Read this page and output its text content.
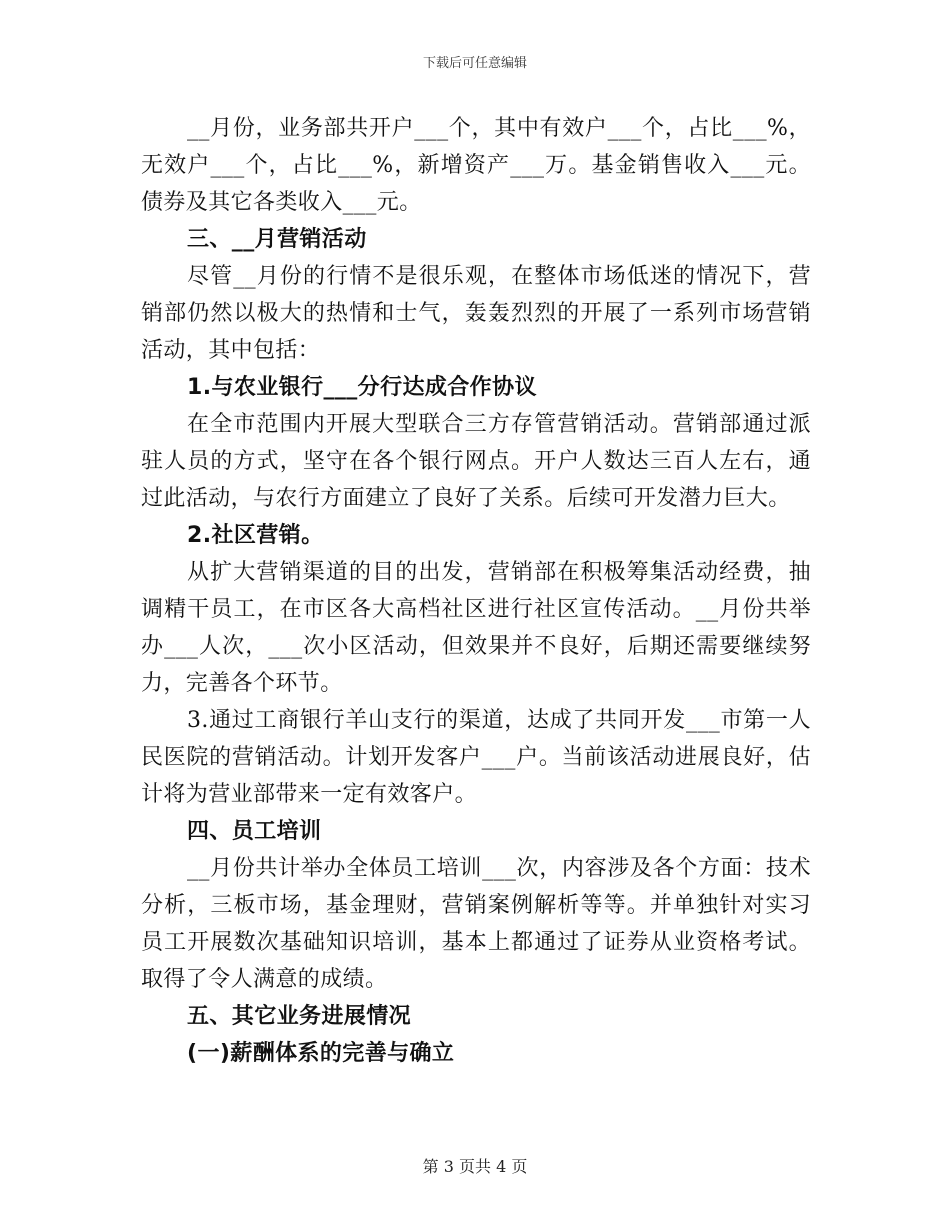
下载后可任意编辑

__月份，业务部共开户___个，其中有效户___个，占比___%，无效户___个，占比___%，新增资产___万。基金销售收入___元。债券及其它各类收入___元。

三、__月营销活动

尽管__月份的行情不是很乐观，在整体市场低迷的情况下，营销部仍然以极大的热情和士气，轰轰烈烈的开展了一系列市场营销活动，其中包括：

1.与农业银行___分行达成合作协议

在全市范围内开展大型联合三方存管营销活动。营销部通过派驻人员的方式，坚守在各个银行网点。开户人数达三百人左右，通过此活动，与农行方面建立了良好了关系。后续可开发潜力巨大。

2.社区营销。

从扩大营销渠道的目的出发，营销部在积极筹集活动经费，抽调精干员工，在市区各大高档社区进行社区宣传活动。__月份共举办___人次，___次小区活动，但效果并不良好，后期还需要继续努力，完善各个环节。

3.通过工商银行羊山支行的渠道，达成了共同开发___市第一人民医院的营销活动。计划开发客户___户。当前该活动进展良好，估计将为营业部带来一定有效客户。

四、员工培训

__月份共计举办全体员工培训___次，内容涉及各个方面：技术分析，三板市场，基金理财，营销案例解析等等。并单独针对实习员工开展数次基础知识培训，基本上都通过了证券从业资格考试。取得了令人满意的成绩。

五、其它业务进展情况

(一)薪酬体系的完善与确立

第 3 页共 4 页
